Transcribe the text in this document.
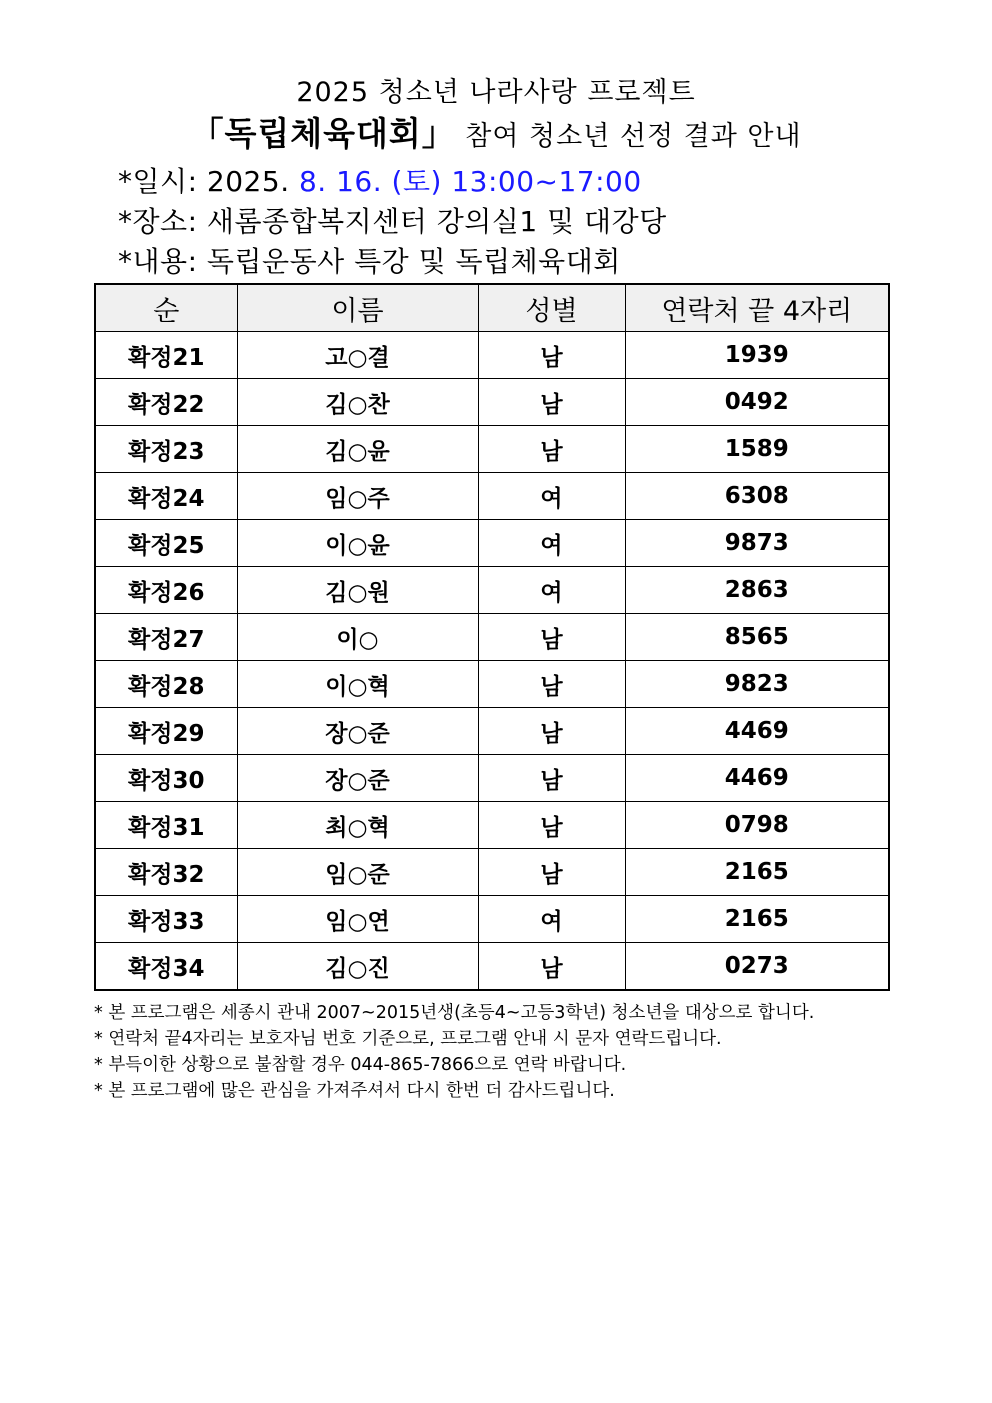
2025 청소년 나라사랑 프로젝트
「독립체육대회」 참여 청소년 선정 결과 안내
*일시: 2025. 8. 16. (토) 13:00~17:00
*장소: 새롬종합복지센터 강의실1 및 대강당
*내용: 독립운동사 특강 및 독립체육대회
순	이름	성별	연락처 끝 4자리
확정21	고○결	남	1939
확정22	김○찬	남	0492
확정23	김○윤	남	1589
확정24	임○주	여	6308
확정25	이○윤	여	9873
확정26	김○원	여	2863
확정27	이○	남	8565
확정28	이○혁	남	9823
확정29	장○준	남	4469
확정30	장○준	남	4469
확정31	최○혁	남	0798
확정32	임○준	남	2165
확정33	임○연	여	2165
확정34	김○진	남	0273
* 본 프로그램은 세종시 관내 2007~2015년생(초등4~고등3학년) 청소년을 대상으로 합니다.
* 연락처 끝4자리는 보호자님 번호 기준으로, 프로그램 안내 시 문자 연락드립니다.
* 부득이한 상황으로 불참할 경우 044-865-7866으로 연락 바랍니다.
* 본 프로그램에 많은 관심을 가져주셔서 다시 한번 더 감사드립니다.
